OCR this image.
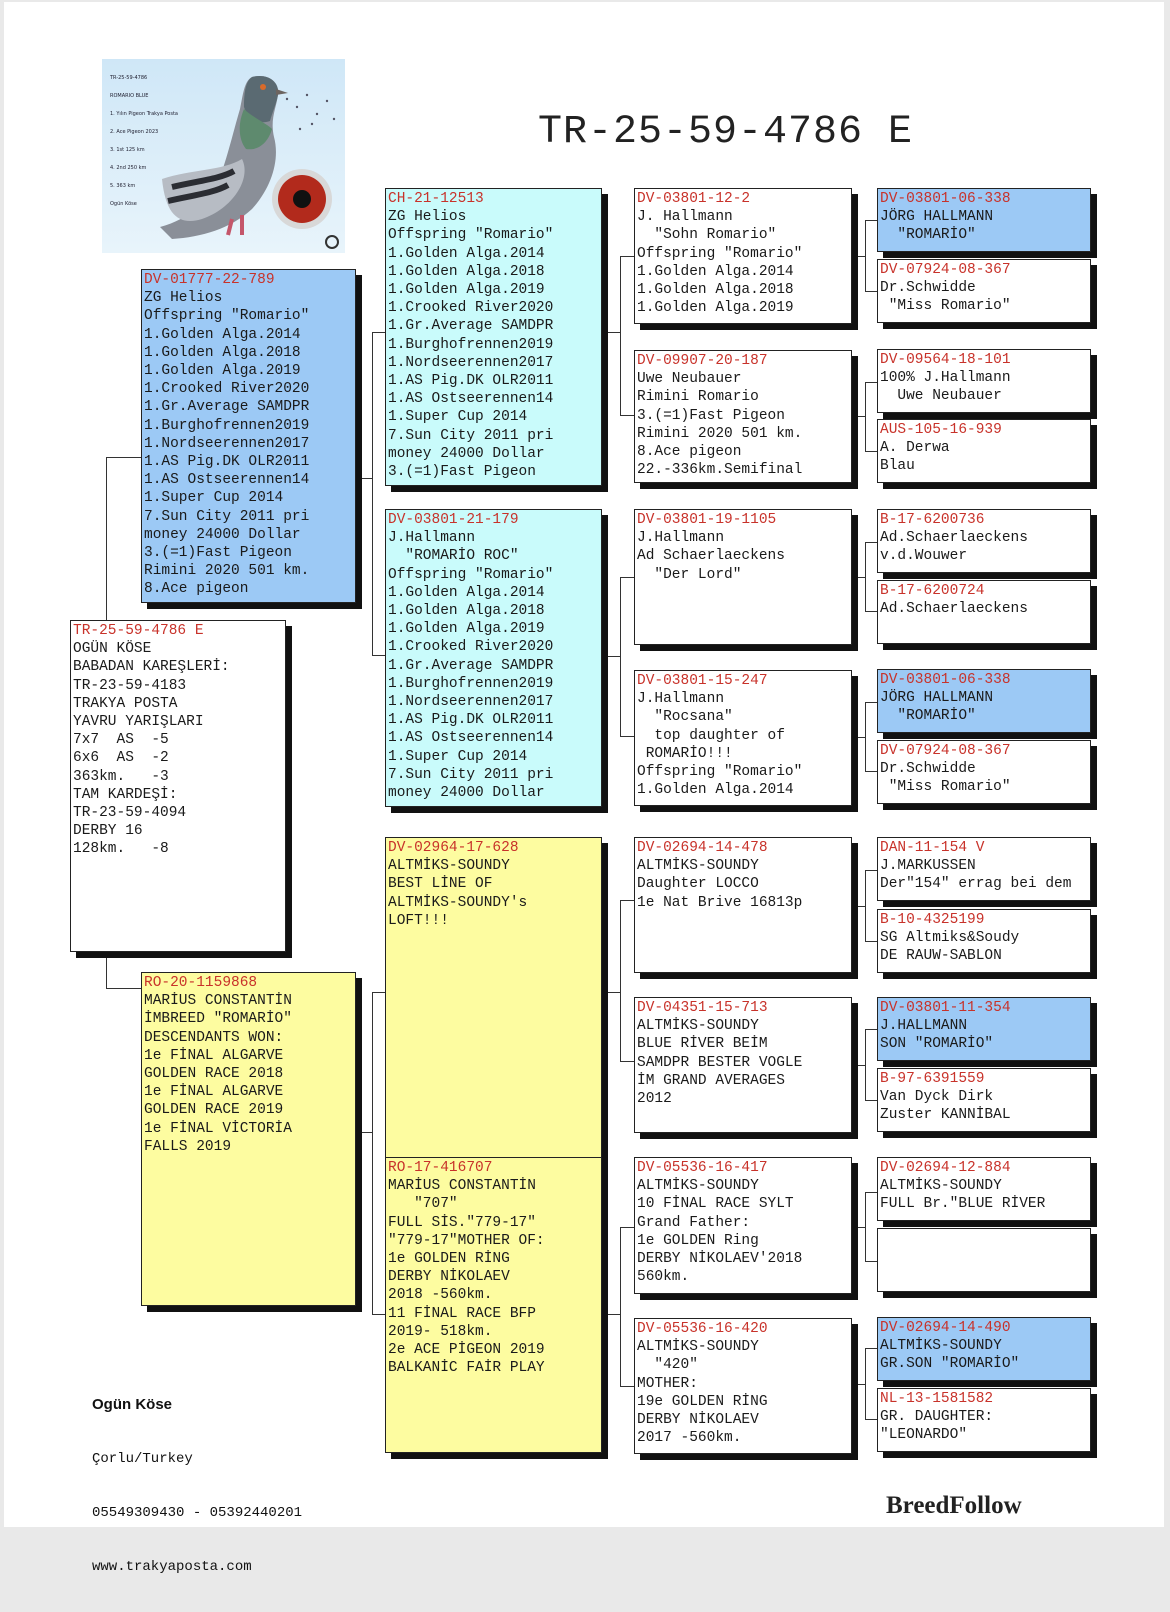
TR-25-59-4786

ROMARIO BLUE

1. Yılın Pigeon Trakya Posta

2. Ace Pigeon 2023

3. 1st 125 km

4. 2nd 250 km

5. 363 km

Ogün Köse

TR-25-59-4786 E
TR-25-59-4786 E
OGÜN KÖSE
BABADAN KAREŞLERİ:
TR-23-59-4183
TRAKYA POSTA
YAVRU YARIŞLARI
7x7  AS  -5
6x6  AS  -2
363km.   -3
TAM KARDEŞİ:
TR-23-59-4094
DERBY 16
128km.   -8
DV-01777-22-789
ZG Helios
Offspring "Romario"
1.Golden Alga.2014
1.Golden Alga.2018
1.Golden Alga.2019
1.Crooked River2020
1.Gr.Average SAMDPR
1.Burghofrennen2019
1.Nordseerennen2017
1.AS Pig.DK OLR2011
1.AS Ostseerennen14
1.Super Cup 2014
7.Sun City 2011 pri
money 24000 Dollar
3.(=1)Fast Pigeon
Rimini 2020 501 km.
8.Ace pigeon
RO-20-1159868
MARİUS CONSTANTİN
İMBREED "ROMARİO"
DESCENDANTS WON:
1e FİNAL ALGARVE
GOLDEN RACE 2018
1e FİNAL ALGARVE
GOLDEN RACE 2019
1e FİNAL VİCTORİA
FALLS 2019
CH-21-12513
ZG Helios
Offspring "Romario"
1.Golden Alga.2014
1.Golden Alga.2018
1.Golden Alga.2019
1.Crooked River2020
1.Gr.Average SAMDPR
1.Burghofrennen2019
1.Nordseerennen2017
1.AS Pig.DK OLR2011
1.AS Ostseerennen14
1.Super Cup 2014
7.Sun City 2011 pri
money 24000 Dollar
3.(=1)Fast Pigeon
DV-03801-21-179
J.Hallmann
"ROMARİO ROC"
Offspring "Romario"
1.Golden Alga.2014
1.Golden Alga.2018
1.Golden Alga.2019
1.Crooked River2020
1.Gr.Average SAMDPR
1.Burghofrennen2019
1.Nordseerennen2017
1.AS Pig.DK OLR2011
1.AS Ostseerennen14
1.Super Cup 2014
7.Sun City 2011 pri
money 24000 Dollar
DV-02964-17-628
ALTMİKS-SOUNDY
BEST LİNE OF
ALTMİKS-SOUNDY's
LOFT!!!
RO-17-416707
MARİUS CONSTANTİN
"707"
FULL SİS."779-17"
"779-17"MOTHER OF:
1e GOLDEN RİNG
DERBY NİKOLAEV
2018 -560km.
11 FİNAL RACE BFP
2019- 518km.
2e ACE PİGEON 2019
BALKANİC FAİR PLAY
DV-03801-12-2
J. Hallmann
"Sohn Romario"
Offspring "Romario"
1.Golden Alga.2014
1.Golden Alga.2018
1.Golden Alga.2019
DV-09907-20-187
Uwe Neubauer
Rimini Romario
3.(=1)Fast Pigeon
Rimini 2020 501 km.
8.Ace pigeon
22.-336km.Semifinal
DV-03801-19-1105
J.Hallmann
Ad Schaerlaeckens
"Der Lord"
DV-03801-15-247
J.Hallmann
"Rocsana"
top daughter of
ROMARİO!!!
Offspring "Romario"
1.Golden Alga.2014
DV-02694-14-478
ALTMİKS-SOUNDY
Daughter LOCCO
1e Nat Brive 16813p
DV-04351-15-713
ALTMİKS-SOUNDY
BLUE RİVER BEİM
SAMDPR BESTER VOGLE
İM GRAND AVERAGES
2012
DV-05536-16-417
ALTMİKS-SOUNDY
10 FİNAL RACE SYLT
Grand Father:
1e GOLDEN Ring
DERBY NİKOLAEV'2018
560km.
DV-05536-16-420
ALTMİKS-SOUNDY
"420"
MOTHER:
19e GOLDEN RİNG
DERBY NİKOLAEV
2017 -560km.
DV-03801-06-338
JÖRG HALLMANN
"ROMARİO"
DV-07924-08-367
Dr.Schwidde
"Miss Romario"
DV-09564-18-101
100% J.Hallmann
Uwe Neubauer
AUS-105-16-939
A. Derwa
Blau
B-17-6200736
Ad.Schaerlaeckens
v.d.Wouwer
B-17-6200724
Ad.Schaerlaeckens
DV-03801-06-338
JÖRG HALLMANN
"ROMARİO"
DV-07924-08-367
Dr.Schwidde
"Miss Romario"
DAN-11-154 V
J.MARKUSSEN
Der"154" errag bei dem
B-10-4325199
SG Altmiks&Soudy
DE RAUW-SABLON
DV-03801-11-354
J.HALLMANN
SON "ROMARİO"
B-97-6391559
Van Dyck Dirk
Zuster KANNİBAL
DV-02694-12-884
ALTMİKS-SOUNDY
FULL Br."BLUE RİVER
DV-02694-14-490
ALTMİKS-SOUNDY
GR.SON "ROMARİO"
NL-13-1581582
GR. DAUGHTER:
"LEONARDO"

Ogün Köse

Çorlu/Turkey

05549309430 - 05392440201

www.trakyaposta.com

BreedFollow
